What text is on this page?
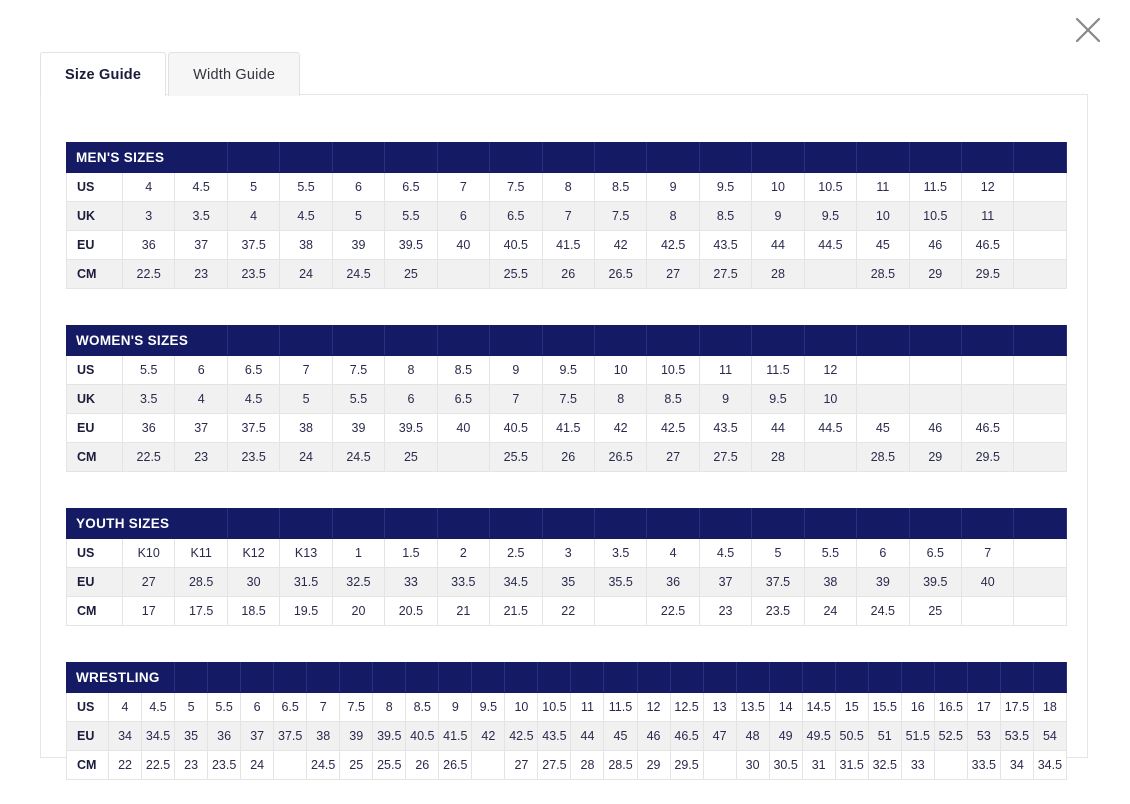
Size Guide	Width Guide
MEN'S SIZES																		
US	4	4.5	5	5.5	6	6.5	7	7.5	8	8.5	9	9.5	10	10.5	11	11.5	12	
UK	3	3.5	4	4.5	5	5.5	6	6.5	7	7.5	8	8.5	9	9.5	10	10.5	11	
EU	36	37	37.5	38	39	39.5	40	40.5	41.5	42	42.5	43.5	44	44.5	45	46	46.5	
CM	22.5	23	23.5	24	24.5	25		25.5	26	26.5	27	27.5	28		28.5	29	29.5	
WOMEN'S SIZES																		
US	5.5	6	6.5	7	7.5	8	8.5	9	9.5	10	10.5	11	11.5	12				
UK	3.5	4	4.5	5	5.5	6	6.5	7	7.5	8	8.5	9	9.5	10				
EU	36	37	37.5	38	39	39.5	40	40.5	41.5	42	42.5	43.5	44	44.5	45	46	46.5	
CM	22.5	23	23.5	24	24.5	25		25.5	26	26.5	27	27.5	28		28.5	29	29.5	
YOUTH SIZES																		
US	K10	K11	K12	K13	1	1.5	2	2.5	3	3.5	4	4.5	5	5.5	6	6.5	7	
EU	27	28.5	30	31.5	32.5	33	33.5	34.5	35	35.5	36	37	37.5	38	39	39.5	40	
CM	17	17.5	18.5	19.5	20	20.5	21	21.5	22		22.5	23	23.5	24	24.5	25		
WRESTLING																													
US	4	4.5	5	5.5	6	6.5	7	7.5	8	8.5	9	9.5	10	10.5	11	11.5	12	12.5	13	13.5	14	14.5	15	15.5	16	16.5	17	17.5	18
EU	34	34.5	35	36	37	37.5	38	39	39.5	40.5	41.5	42	42.5	43.5	44	45	46	46.5	47	48	49	49.5	50.5	51	51.5	52.5	53	53.5	54
CM	22	22.5	23	23.5	24		24.5	25	25.5	26	26.5		27	27.5	28	28.5	29	29.5		30	30.5	31	31.5	32.5	33		33.5	34	34.5
